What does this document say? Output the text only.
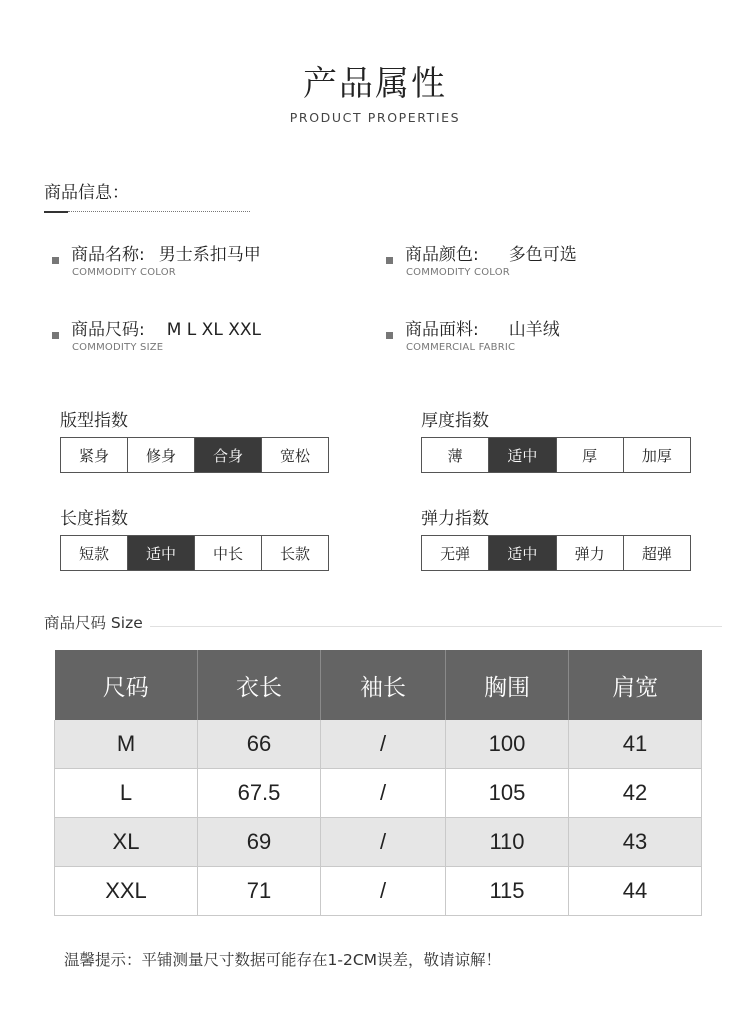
产品属性
PRODUCT PROPERTIES
商品信息：
商品名称: 男士系扣马甲
COMMODITY COLOR
商品颜色: 多色可选
COMMODITY COLOR
商品尺码: M L XL XXL
COMMODITY SIZE
商品面料: 山羊绒
COMMERCIAL FABRIC
版型指数
紧身	修身	合身	宽松
厚度指数
薄	适中	厚	加厚
长度指数
短款	适中	中长	长款
弹力指数
无弹	适中	弹力	超弹
商品尺码 Size
尺码	衣长	袖长	胸围	肩宽
M	66	/	100	41
L	67.5	/	105	42
XL	69	/	110	43
XXL	71	/	115	44
温馨提示：平铺测量尺寸数据可能存在1-2CM误差，敬请谅解！
